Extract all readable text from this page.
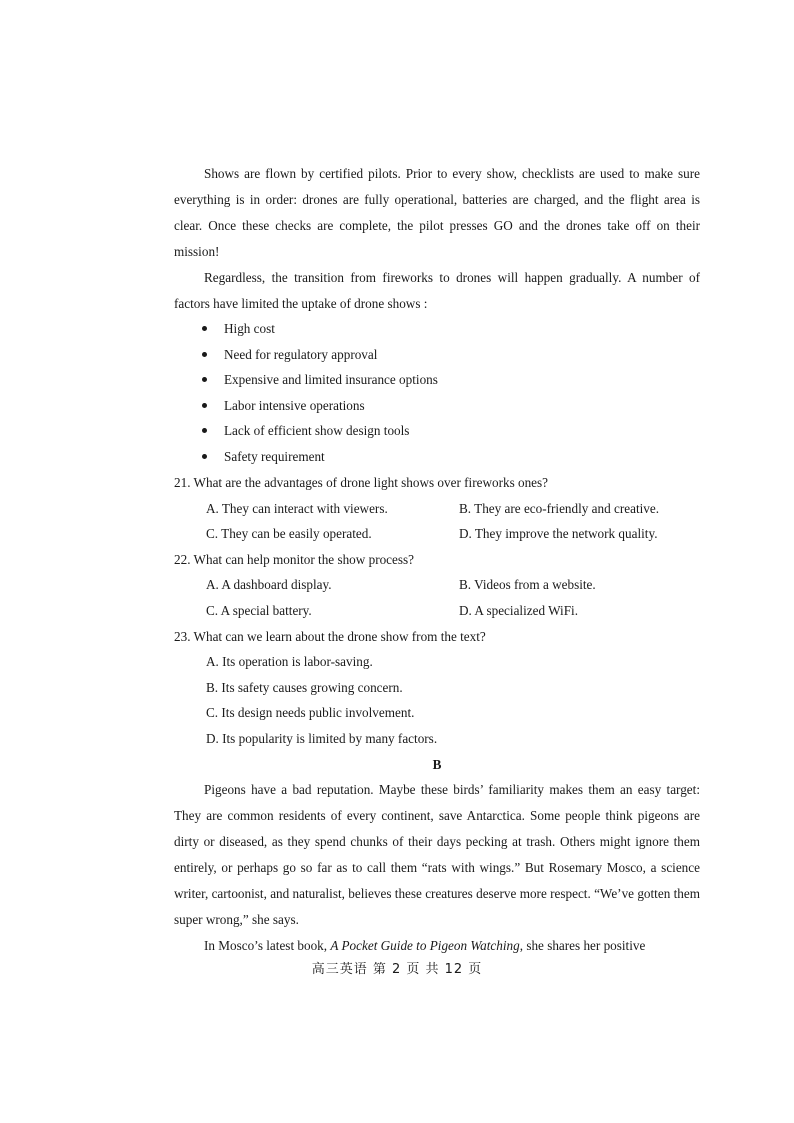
Shows are flown by certified pilots. Prior to every show, checklists are used to make sure everything is in order: drones are fully operational, batteries are charged, and the flight area is clear. Once these checks are complete, the pilot presses GO and the drones take off on their mission!

Regardless, the transition from fireworks to drones will happen gradually. A number of factors have limited the uptake of drone shows :

High cost
Need for regulatory approval
Expensive and limited insurance options
Labor intensive operations
Lack of efficient show design tools
Safety requirement
21. What are the advantages of drone light shows over fireworks ones?
A. They can interact with viewers.	B. They are eco-friendly and creative.
C. They can be easily operated.	D. They improve the network quality.
22. What can help monitor the show process?
A. A dashboard display.	B. Videos from a website.
C. A special battery.	D. A specialized WiFi.
23. What can we learn about the drone show from the text?
A. Its operation is labor-saving.
B. Its safety causes growing concern.
C. Its design needs public involvement.
D. Its popularity is limited by many factors.
B

Pigeons have a bad reputation. Maybe these birds’ familiarity makes them an easy target: They are common residents of every continent, save Antarctica. Some people think pigeons are dirty or diseased, as they spend chunks of their days pecking at trash. Others might ignore them entirely, or perhaps go so far as to call them “rats with wings.” But Rosemary Mosco, a science writer, cartoonist, and naturalist, believes these creatures deserve more respect. “We’ve gotten them super wrong,” she says.

In Mosco’s latest book, A Pocket Guide to Pigeon Watching, she shares her positive

高三英语 第 2 页 共 12 页
